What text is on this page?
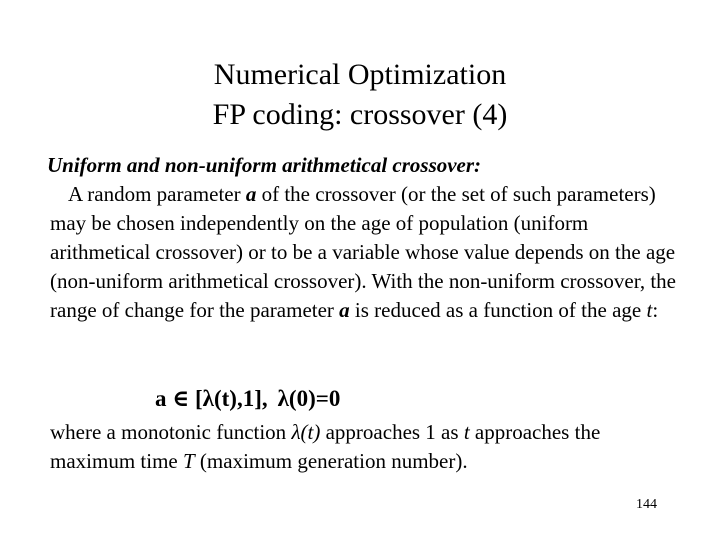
Numerical Optimization
FP coding: crossover (4)
Uniform and non-uniform arithmetical crossover:
A random parameter a of the crossover (or the set of such parameters) may be chosen independently on the age of population (uniform arithmetical crossover) or to be a variable whose value depends on the age (non-uniform arithmetical crossover). With the non-uniform crossover, the range of change for the parameter a is reduced as a function of the age t:
a ∈ [λ(t),1], λ(0)=0
where a monotonic function λ(t) approaches 1 as t approaches the maximum time T (maximum generation number).
144
